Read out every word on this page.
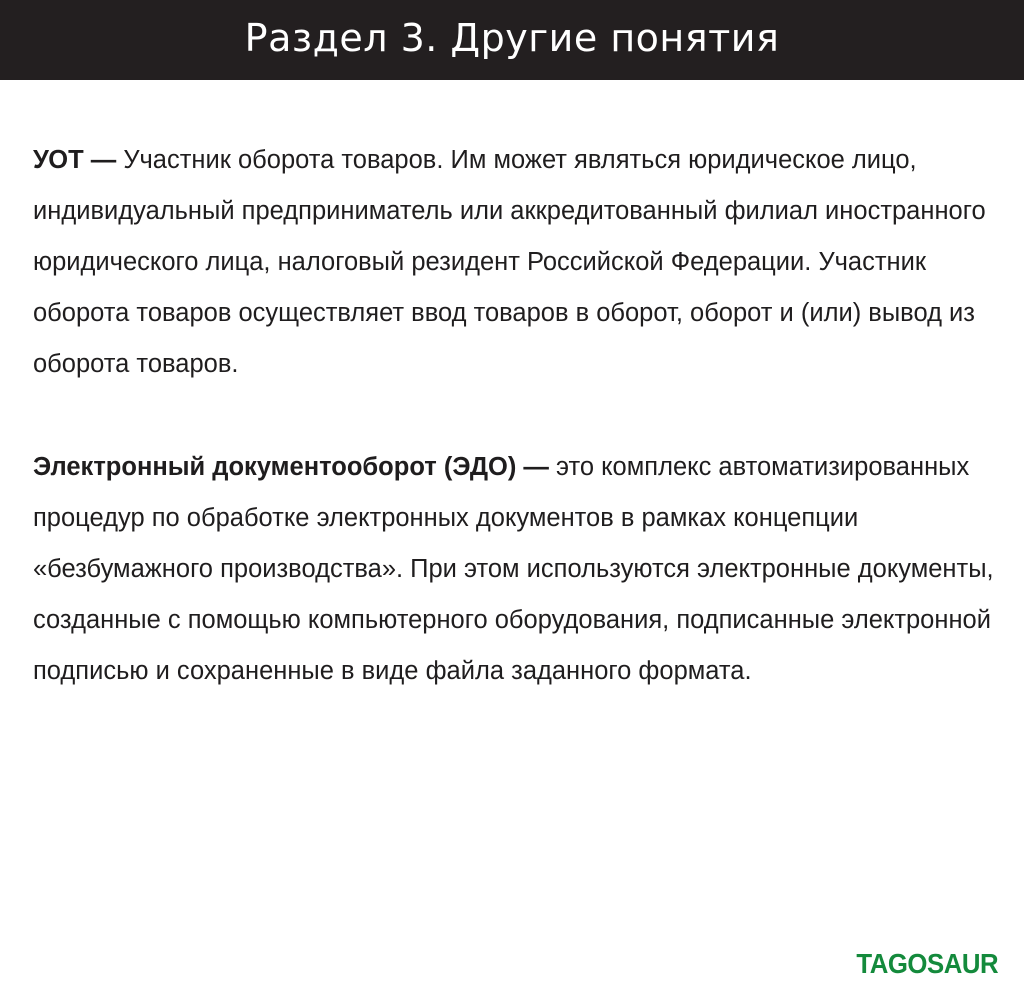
Раздел 3. Другие понятия

УОТ — Участник оборота товаров. Им может являться юридическое лицо, индивидуальный предприниматель или аккредитованный филиал иностранного юридического лица, налоговый резидент Российской Федерации. Участник оборота товаров осуществляет ввод товаров в оборот, оборот и (или) вывод из оборота товаров.

Электронный документооборот (ЭДО) — это комплекс автоматизированных процедур по обработке электронных документов в рамках концепции «безбумажного производства». При этом используются электронные документы, созданные с помощью компьютерного оборудования, подписанные электронной подписью и сохраненные в виде файла заданного формата.

TAGOSAUR
